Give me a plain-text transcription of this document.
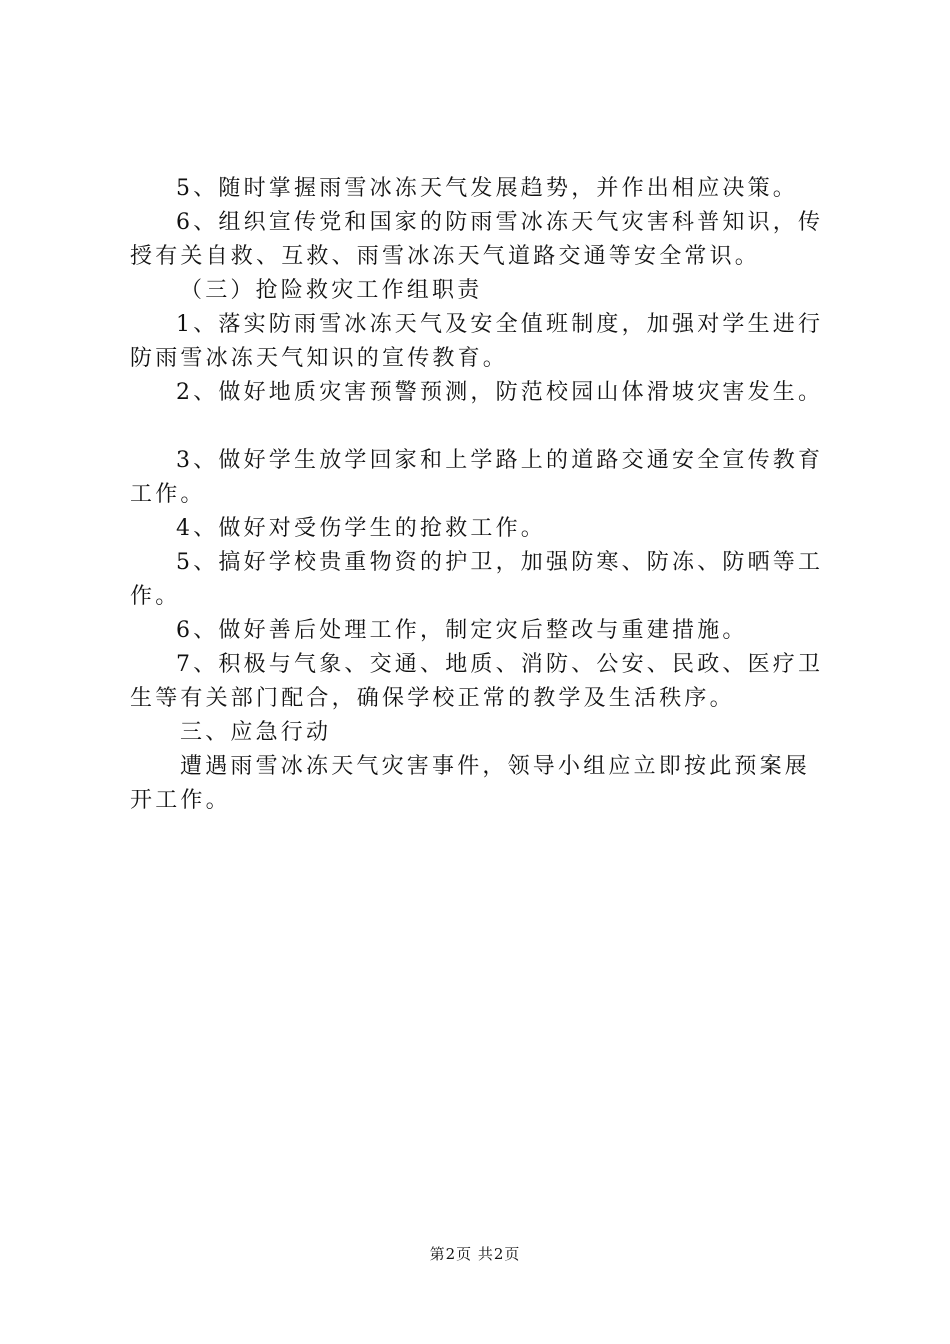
5、随时掌握雨雪冰冻天气发展趋势，并作出相应决策。
6、组织宣传党和国家的防雨雪冰冻天气灾害科普知识，传
授有关自救、互救、雨雪冰冻天气道路交通等安全常识。
（三）抢险救灾工作组职责
1、落实防雨雪冰冻天气及安全值班制度，加强对学生进行
防雨雪冰冻天气知识的宣传教育。
2、做好地质灾害预警预测，防范校园山体滑坡灾害发生。
3、做好学生放学回家和上学路上的道路交通安全宣传教育
工作。
4、做好对受伤学生的抢救工作。
5、搞好学校贵重物资的护卫，加强防寒、防冻、防晒等工
作。
6、做好善后处理工作，制定灾后整改与重建措施。
7、积极与气象、交通、地质、消防、公安、民政、医疗卫
生等有关部门配合，确保学校正常的教学及生活秩序。
三、应急行动
遭遇雨雪冰冻天气灾害事件，领导小组应立即按此预案展
开工作。
第2页 共2页
